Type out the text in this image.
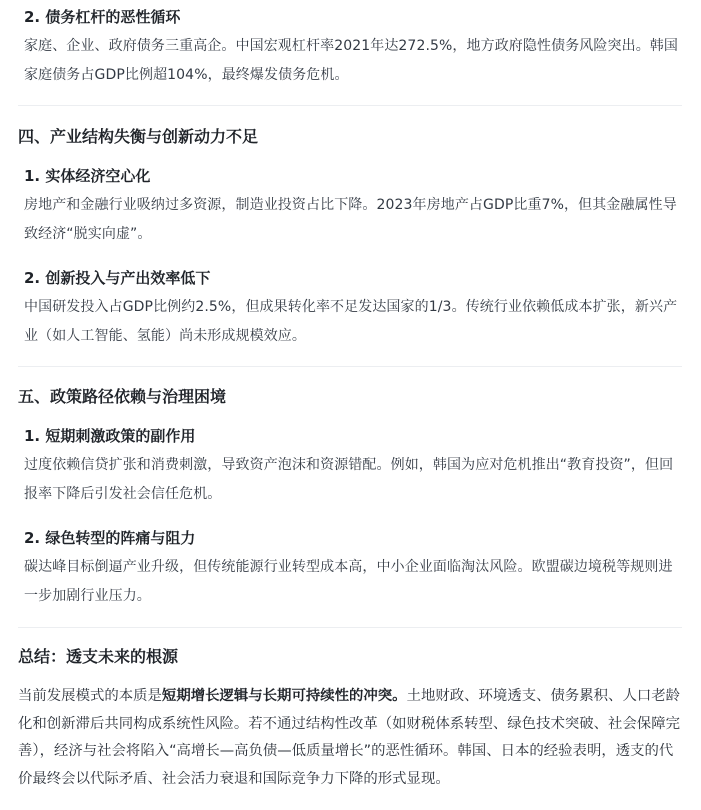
2. 债务杠杆的恶性循环

家庭、企业、政府债务三重高企。中国宏观杠杆率2021年达272.5%，地方政府隐性债务风险突出。韩国家庭债务占GDP比例超104%，最终爆发债务危机。

四、产业结构失衡与创新动力不足
1. 实体经济空心化

房地产和金融行业吸纳过多资源，制造业投资占比下降。2023年房地产占GDP比重7%，但其金融属性导致经济“脱实向虚”。

2. 创新投入与产出效率低下

中国研发投入占GDP比例约2.5%，但成果转化率不足发达国家的1/3。传统行业依赖低成本扩张，新兴产业（如人工智能、氢能）尚未形成规模效应。

五、政策路径依赖与治理困境
1. 短期刺激政策的副作用

过度依赖信贷扩张和消费刺激，导致资产泡沫和资源错配。例如，韩国为应对危机推出“教育投资”，但回报率下降后引发社会信任危机。

2. 绿色转型的阵痛与阻力

碳达峰目标倒逼产业升级，但传统能源行业转型成本高，中小企业面临淘汰风险。欧盟碳边境税等规则进一步加剧行业压力。

总结：透支未来的根源

当前发展模式的本质是短期增长逻辑与长期可持续性的冲突。土地财政、环境透支、债务累积、人口老龄化和创新滞后共同构成系统性风险。若不通过结构性改革（如财税体系转型、绿色技术突破、社会保障完善），经济与社会将陷入“高增长—高负债—低质量增长”的恶性循环。韩国、日本的经验表明，透支的代价最终会以代际矛盾、社会活力衰退和国际竞争力下降的形式显现。
